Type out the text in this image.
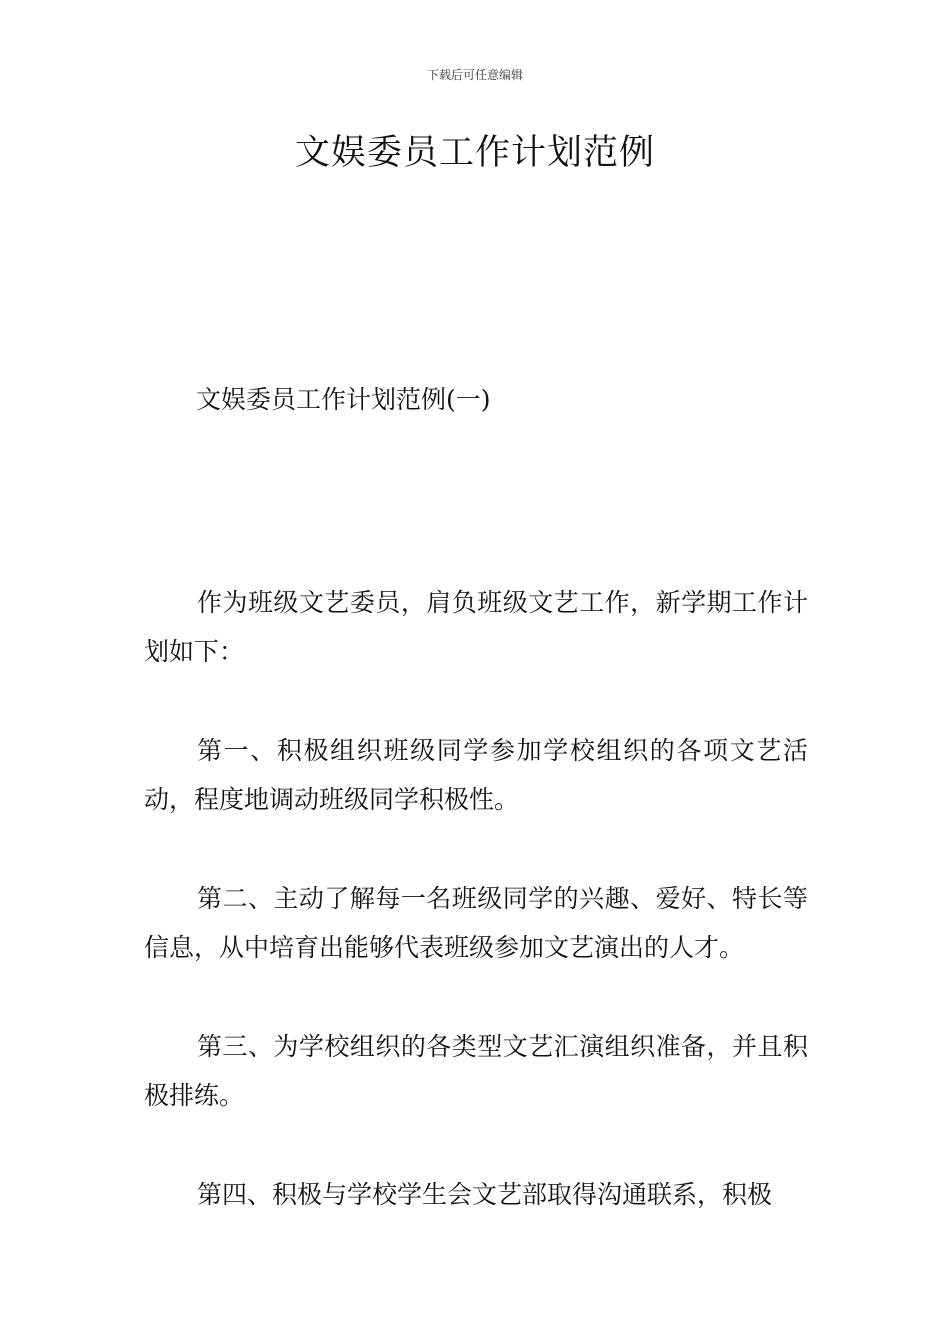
下载后可任意编辑
文娱委员工作计划范例
文娱委员工作计划范例(一)

作为班级文艺委员，肩负班级文艺工作，新学期工作计划如下：

第一、积极组织班级同学参加学校组织的各项文艺活动，程度地调动班级同学积极性。

第二、主动了解每一名班级同学的兴趣、爱好、特长等信息，从中培育出能够代表班级参加文艺演出的人才。

第三、为学校组织的各类型文艺汇演组织准备，并且积极排练。

第四、积极与学校学生会文艺部取得沟通联系，积极
